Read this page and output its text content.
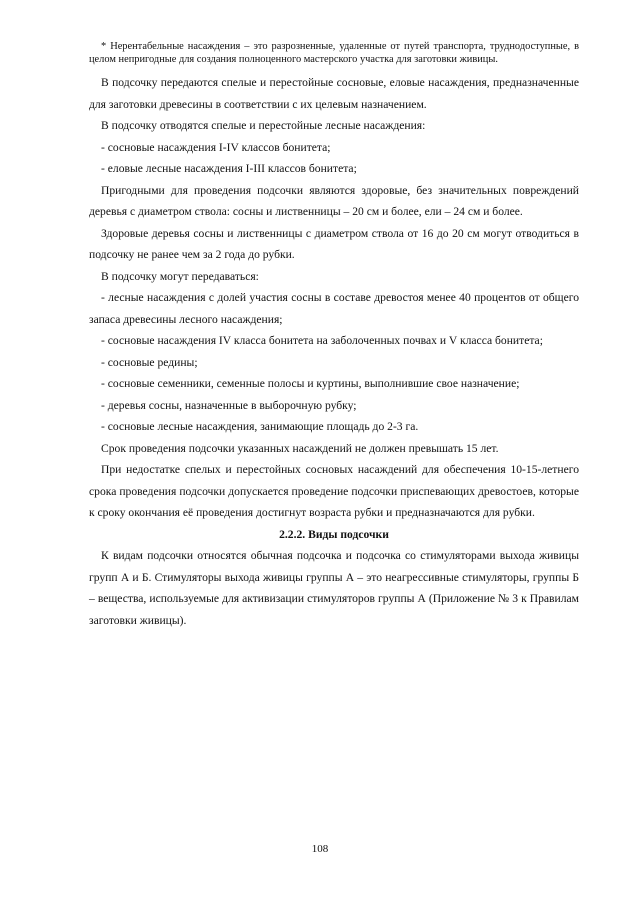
* Нерентабельные насаждения – это разрозненные, удаленные от путей транспорта, труднодоступные, в целом непригодные для создания полноценного мастерского участка для заготовки живицы.

В подсочку передаются спелые и перестойные сосновые, еловые насаждения, предназначенные для заготовки древесины в соответствии с их целевым назначением.

В подсочку отводятся спелые и перестойные лесные насаждения:

- сосновые насаждения I-IV классов бонитета;

- еловые лесные насаждения I-III классов бонитета;

Пригодными для проведения подсочки являются здоровые, без значительных повреждений деревья с диаметром ствола: сосны и лиственницы – 20 см и более, ели – 24 см и более.

Здоровые деревья сосны и лиственницы с диаметром ствола от 16 до 20 см могут отводиться в подсочку не ранее чем за 2 года до рубки.

В подсочку могут передаваться:

- лесные насаждения с долей участия сосны в составе древостоя менее 40 процентов от общего запаса древесины лесного насаждения;

- сосновые насаждения IV класса бонитета на заболоченных почвах и V класса бонитета;

- сосновые редины;

- сосновые семенники, семенные полосы и куртины, выполнившие свое назначение;

- деревья сосны, назначенные в выборочную рубку;

- сосновые лесные насаждения, занимающие площадь до 2-3 га.

Срок проведения подсочки указанных насаждений не должен превышать 15 лет.

При недостатке спелых и перестойных сосновых насаждений для обеспечения 10-15-летнего срока проведения подсочки допускается проведение подсочки приспевающих древостоев, которые к сроку окончания её проведения достигнут возраста рубки и предназначаются для рубки.

2.2.2. Виды подсочки

К видам подсочки относятся обычная подсочка и подсочка со стимуляторами выхода живицы групп А и Б. Стимуляторы выхода живицы группы А – это неагрессивные стимуляторы, группы Б – вещества, используемые для активизации стимуляторов группы А (Приложение № 3 к Правилам заготовки живицы).

108
